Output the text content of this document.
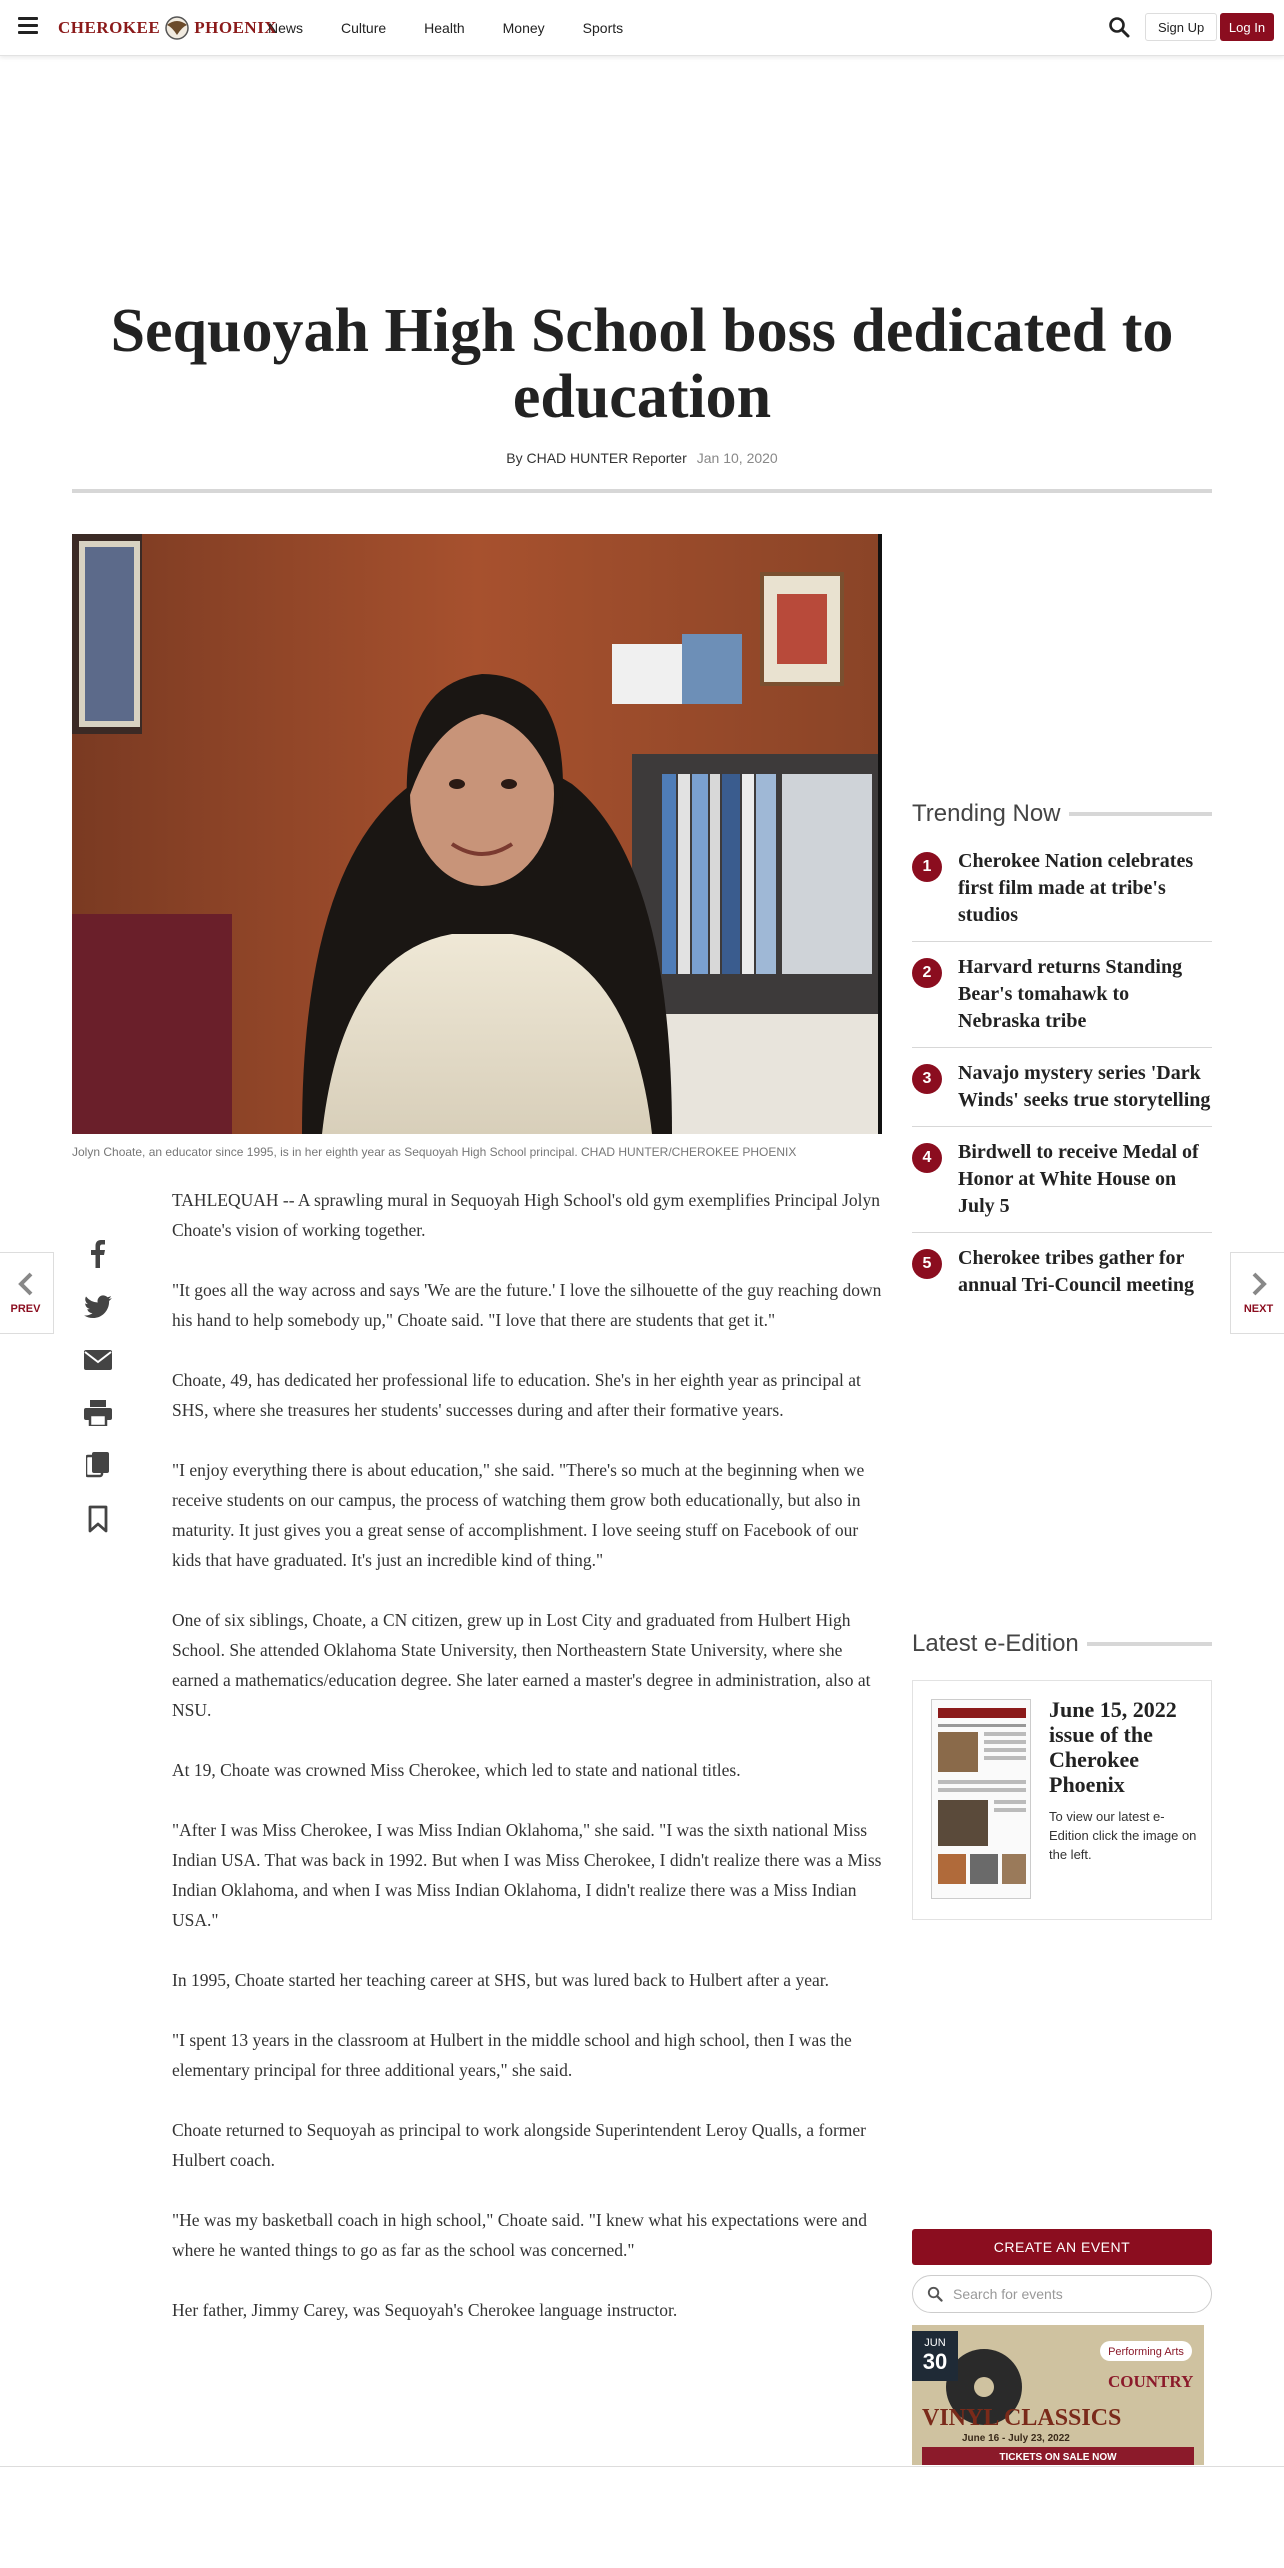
CHEROKEE PHOENIX
News	Culture	Health	Money	Sports	Sign Up	Log In
Sequoyah High School boss dedicated to education
By CHAD HUNTER Reporter Jan 10, 2020
Jolyn Choate, an educator since 1995, is in her eighth year as Sequoyah High School principal. CHAD HUNTER/CHEROKEE PHOENIX
PREV	NEXT

TAHLEQUAH -- A sprawling mural in Sequoyah High School's old gym exemplifies Principal Jolyn Choate's vision of working together.

"It goes all the way across and says 'We are the future.' I love the silhouette of the guy reaching down his hand to help somebody up," Choate said. "I love that there are students that get it."

Choate, 49, has dedicated her professional life to education. She's in her eighth year as principal at SHS, where she treasures her students' successes during and after their formative years.

"I enjoy everything there is about education," she said. "There's so much at the beginning when we receive students on our campus, the process of watching them grow both educationally, but also in maturity. It just gives you a great sense of accomplishment. I love seeing stuff on Facebook of our kids that have graduated. It's just an incredible kind of thing."

One of six siblings, Choate, a CN citizen, grew up in Lost City and graduated from Hulbert High School. She attended Oklahoma State University, then Northeastern State University, where she earned a mathematics/education degree. She later earned a master's degree in administration, also at NSU.

At 19, Choate was crowned Miss Cherokee, which led to state and national titles.

"After I was Miss Cherokee, I was Miss Indian Oklahoma," she said. "I was the sixth national Miss Indian USA. That was back in 1992. But when I was Miss Cherokee, I didn't realize there was a Miss Indian Oklahoma, and when I was Miss Indian Oklahoma, I didn't realize there was a Miss Indian USA."

In 1995, Choate started her teaching career at SHS, but was lured back to Hulbert after a year.

"I spent 13 years in the classroom at Hulbert in the middle school and high school, then I was the elementary principal for three additional years," she said.

Choate returned to Sequoyah as principal to work alongside Superintendent Leroy Qualls, a former Hulbert coach.

"He was my basketball coach in high school," Choate said. "I knew what his expectations were and where he wanted things to go as far as the school was concerned."

Her father, Jimmy Carey, was Sequoyah's Cherokee language instructor.

Trending Now
1	Cherokee Nation celebrates first film made at tribe's studios
2	Harvard returns Standing Bear's tomahawk to Nebraska tribe
3	Navajo mystery series 'Dark Winds' seeks true storytelling
4	Birdwell to receive Medal of Honor at White House on July 5
5	Cherokee tribes gather for annual Tri-Council meeting
Latest e-Edition
June 15, 2022 issue of the Cherokee Phoenix
To view our latest e-Edition click the image on the left.
CREATE AN EVENT
Search for events
JUN
30	Performing Arts
COUNTRY
VINYL CLASSICS
June 16 - July 23, 2022
TICKETS ON SALE NOW
